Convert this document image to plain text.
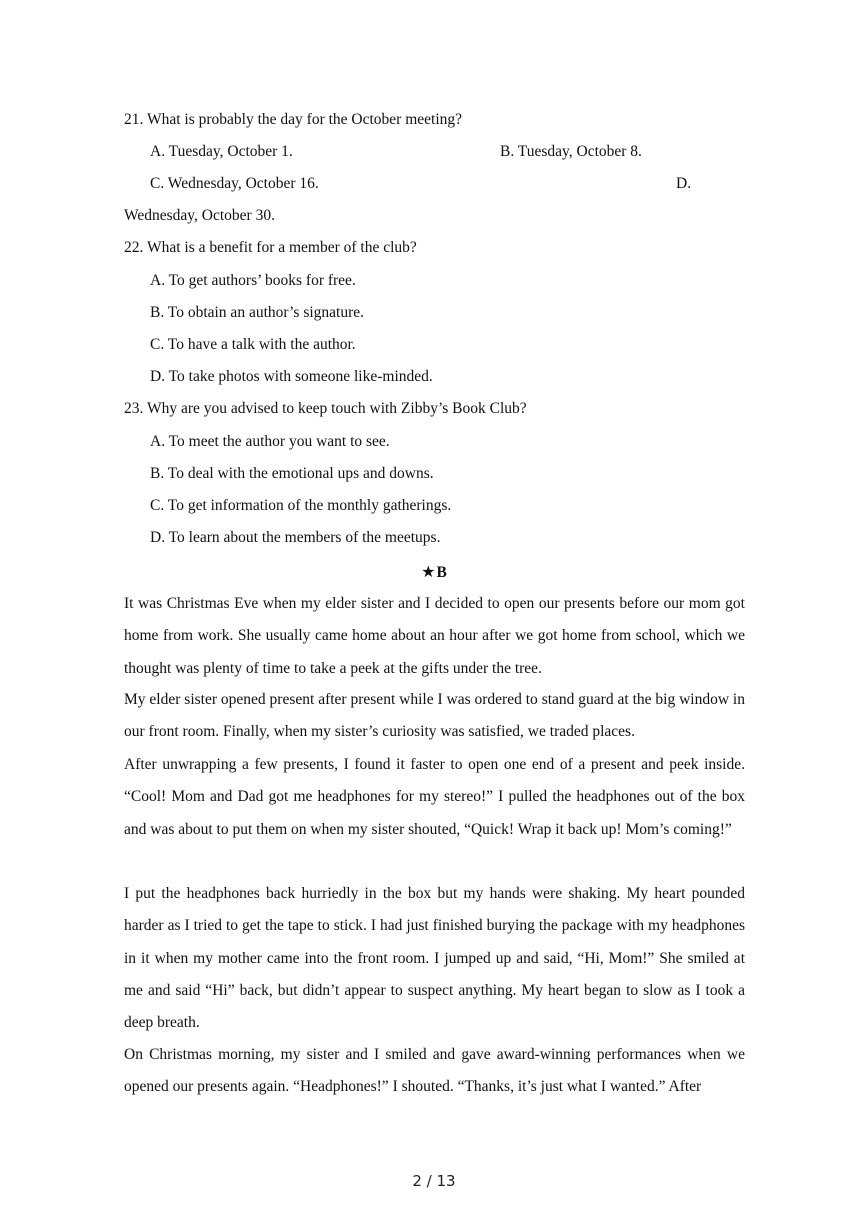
21. What is probably the day for the October meeting?
A. Tuesday, October 1.	B. Tuesday, October 8.
C. Wednesday, October 16.	D.
Wednesday, October 30.
22. What is a benefit for a member of the club?
A. To get authors’ books for free.
B. To obtain an author’s signature.
C. To have a talk with the author.
D. To take photos with someone like-minded.
23. Why are you advised to keep touch with Zibby’s Book Club?
A. To meet the author you want to see.
B. To deal with the emotional ups and downs.
C. To get information of the monthly gatherings.
D. To learn about the members of the meetups.
★B
It was Christmas Eve when my elder sister and I decided to open our presents before our mom got home from work. She usually came home about an hour after we got home from school, which we thought was plenty of time to take a peek at the gifts under the tree.
My elder sister opened present after present while I was ordered to stand guard at the big window in our front room. Finally, when my sister’s curiosity was satisfied, we traded places.
After unwrapping a few presents, I found it faster to open one end of a present and peek inside. “Cool! Mom and Dad got me headphones for my stereo!” I pulled the headphones out of the box and was about to put them on when my sister shouted, “Quick! Wrap it back up! Mom’s coming!”
I put the headphones back hurriedly in the box but my hands were shaking. My heart pounded harder as I tried to get the tape to stick. I had just finished burying the package with my headphones in it when my mother came into the front room. I jumped up and said, “Hi, Mom!” She smiled at me and said “Hi” back, but didn’t appear to suspect anything. My heart began to slow as I took a deep breath.
On Christmas morning, my sister and I smiled and gave award-winning performances when we opened our presents again. “Headphones!” I shouted. “Thanks, it’s just what I wanted.” After
2 / 13
